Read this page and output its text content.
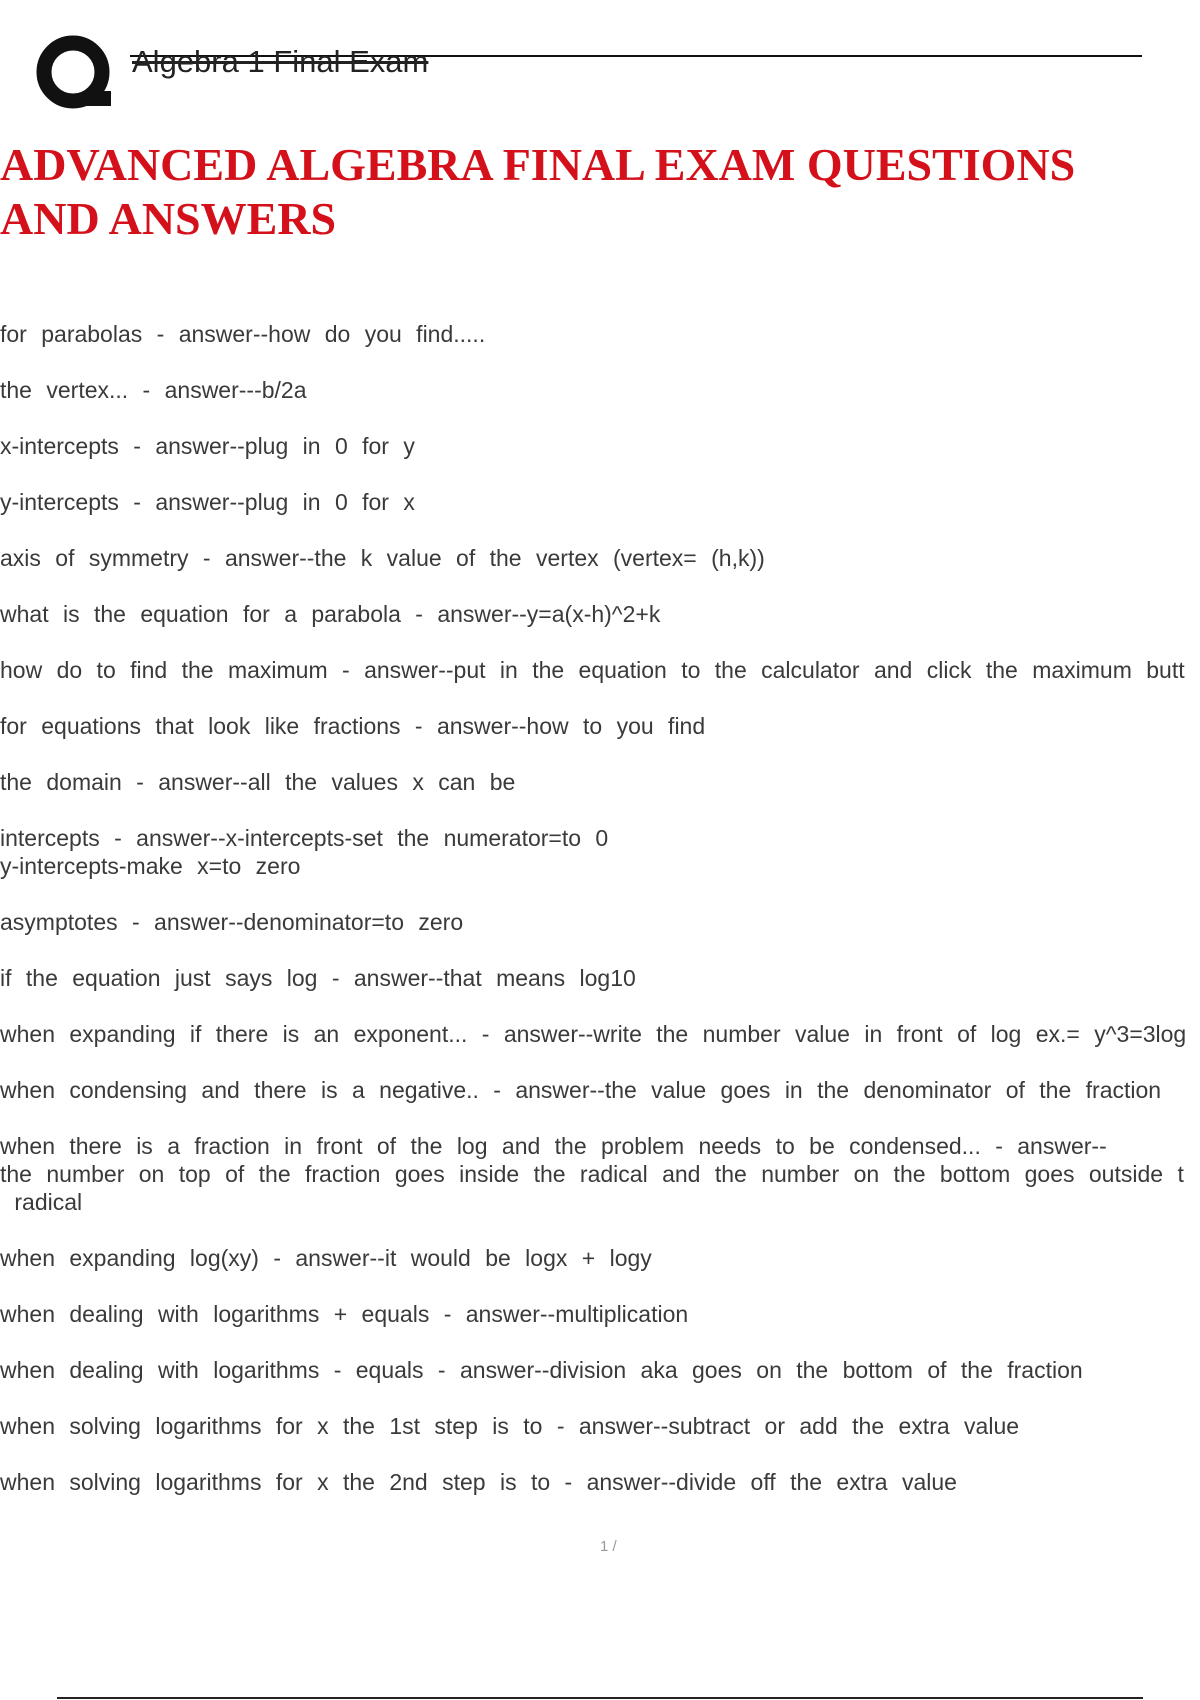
Algebra 1 Final Exam
ADVANCED ALGEBRA FINAL EXAM QUESTIONS AND ANSWERS
for parabolas - answer--how do you find.....
the vertex... - answer---b/2a
x-intercepts - answer--plug in 0 for y
y-intercepts - answer--plug in 0 for x
axis of symmetry - answer--the k value of the vertex (vertex= (h,k))
what is the equation for a parabola - answer--y=a(x-h)^2+k
how do to find the maximum - answer--put in the equation to the calculator and click the maximum butt
for equations that look like fractions - answer--how to you find
the domain - answer--all the values x can be
intercepts - answer--x-intercepts-set the numerator=to 0
y-intercepts-make x=to zero
asymptotes - answer--denominator=to zero
if the equation just says log - answer--that means log10
when expanding if there is an exponent... - answer--write the number value in front of log ex.= y^3=3log
when condensing and there is a negative.. - answer--the value goes in the denominator of the fraction
when there is a fraction in front of the log and the problem needs to be condensed... - answer--
the number on top of the fraction goes inside the radical and the number on the bottom goes outside t
radical
when expanding log(xy) - answer--it would be logx + logy
when dealing with logarithms + equals - answer--multiplication
when dealing with logarithms - equals - answer--division aka goes on the bottom of the fraction
when solving logarithms for x the 1st step is to - answer--subtract or add the extra value
when solving logarithms for x the 2nd step is to - answer--divide off the extra value
1 /
